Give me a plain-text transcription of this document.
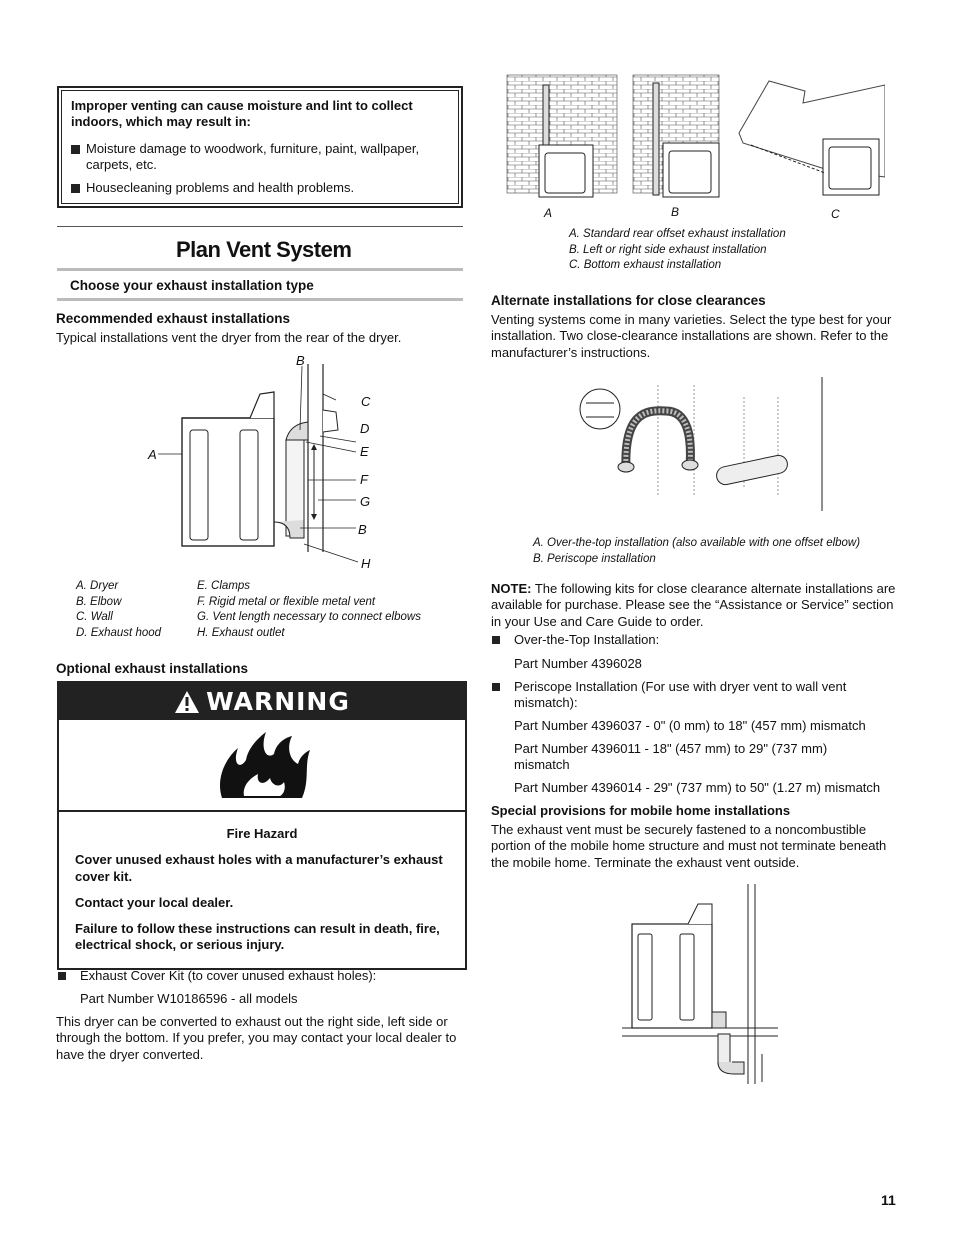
Improper venting can cause moisture and lint to collect indoors, which may result in:

Moisture damage to woodwork, furniture, paint, wallpaper, carpets, etc.
Housecleaning problems and health problems.
Plan Vent System
Choose your exhaust installation type
Recommended exhaust installations

Typical installations vent the dryer from the rear of the dryer.

A
B
C
D
E
F
G
B
H
A. Dryer
B. Elbow
C. Wall
D. Exhaust hood
E. Clamps
F. Rigid metal or flexible metal vent
G. Vent length necessary to connect elbows
H. Exhaust outlet
Optional exhaust installations
WARNING

Fire Hazard

Cover unused exhaust holes with a manufacturer’s exhaust cover kit.

Contact your local dealer.

Failure to follow these instructions can result in death, fire, electrical shock, or serious injury.

Exhaust Cover Kit (to cover unused exhaust holes):

Part Number W10186596 - all models

This dryer can be converted to exhaust out the right side, left side or through the bottom. If you prefer, you may contact your local dealer to have the dryer converted.

A	B	C
A. Standard rear offset exhaust installation
B. Left or right side exhaust installation
C. Bottom exhaust installation
Alternate installations for close clearances

Venting systems come in many varieties. Select the type best for your installation. Two close-clearance installations are shown. Refer to the manufacturer’s instructions.

A. Over-the-top installation (also available with one offset elbow)
B. Periscope installation

NOTE: The following kits for close clearance alternate installations are available for purchase. Please see the “Assistance or Service” section in your Use and Care Guide to order.

Over-the-Top Installation:

Part Number 4396028

Periscope Installation (For use with dryer vent to wall vent mismatch):

Part Number 4396037 - 0" (0 mm) to 18" (457 mm) mismatch

Part Number 4396011 - 18" (457 mm) to 29" (737 mm) mismatch

Part Number 4396014 - 29" (737 mm) to 50" (1.27 m) mismatch

Special provisions for mobile home installations

The exhaust vent must be securely fastened to a noncombustible portion of the mobile home structure and must not terminate beneath the mobile home. Terminate the exhaust vent outside.

11
